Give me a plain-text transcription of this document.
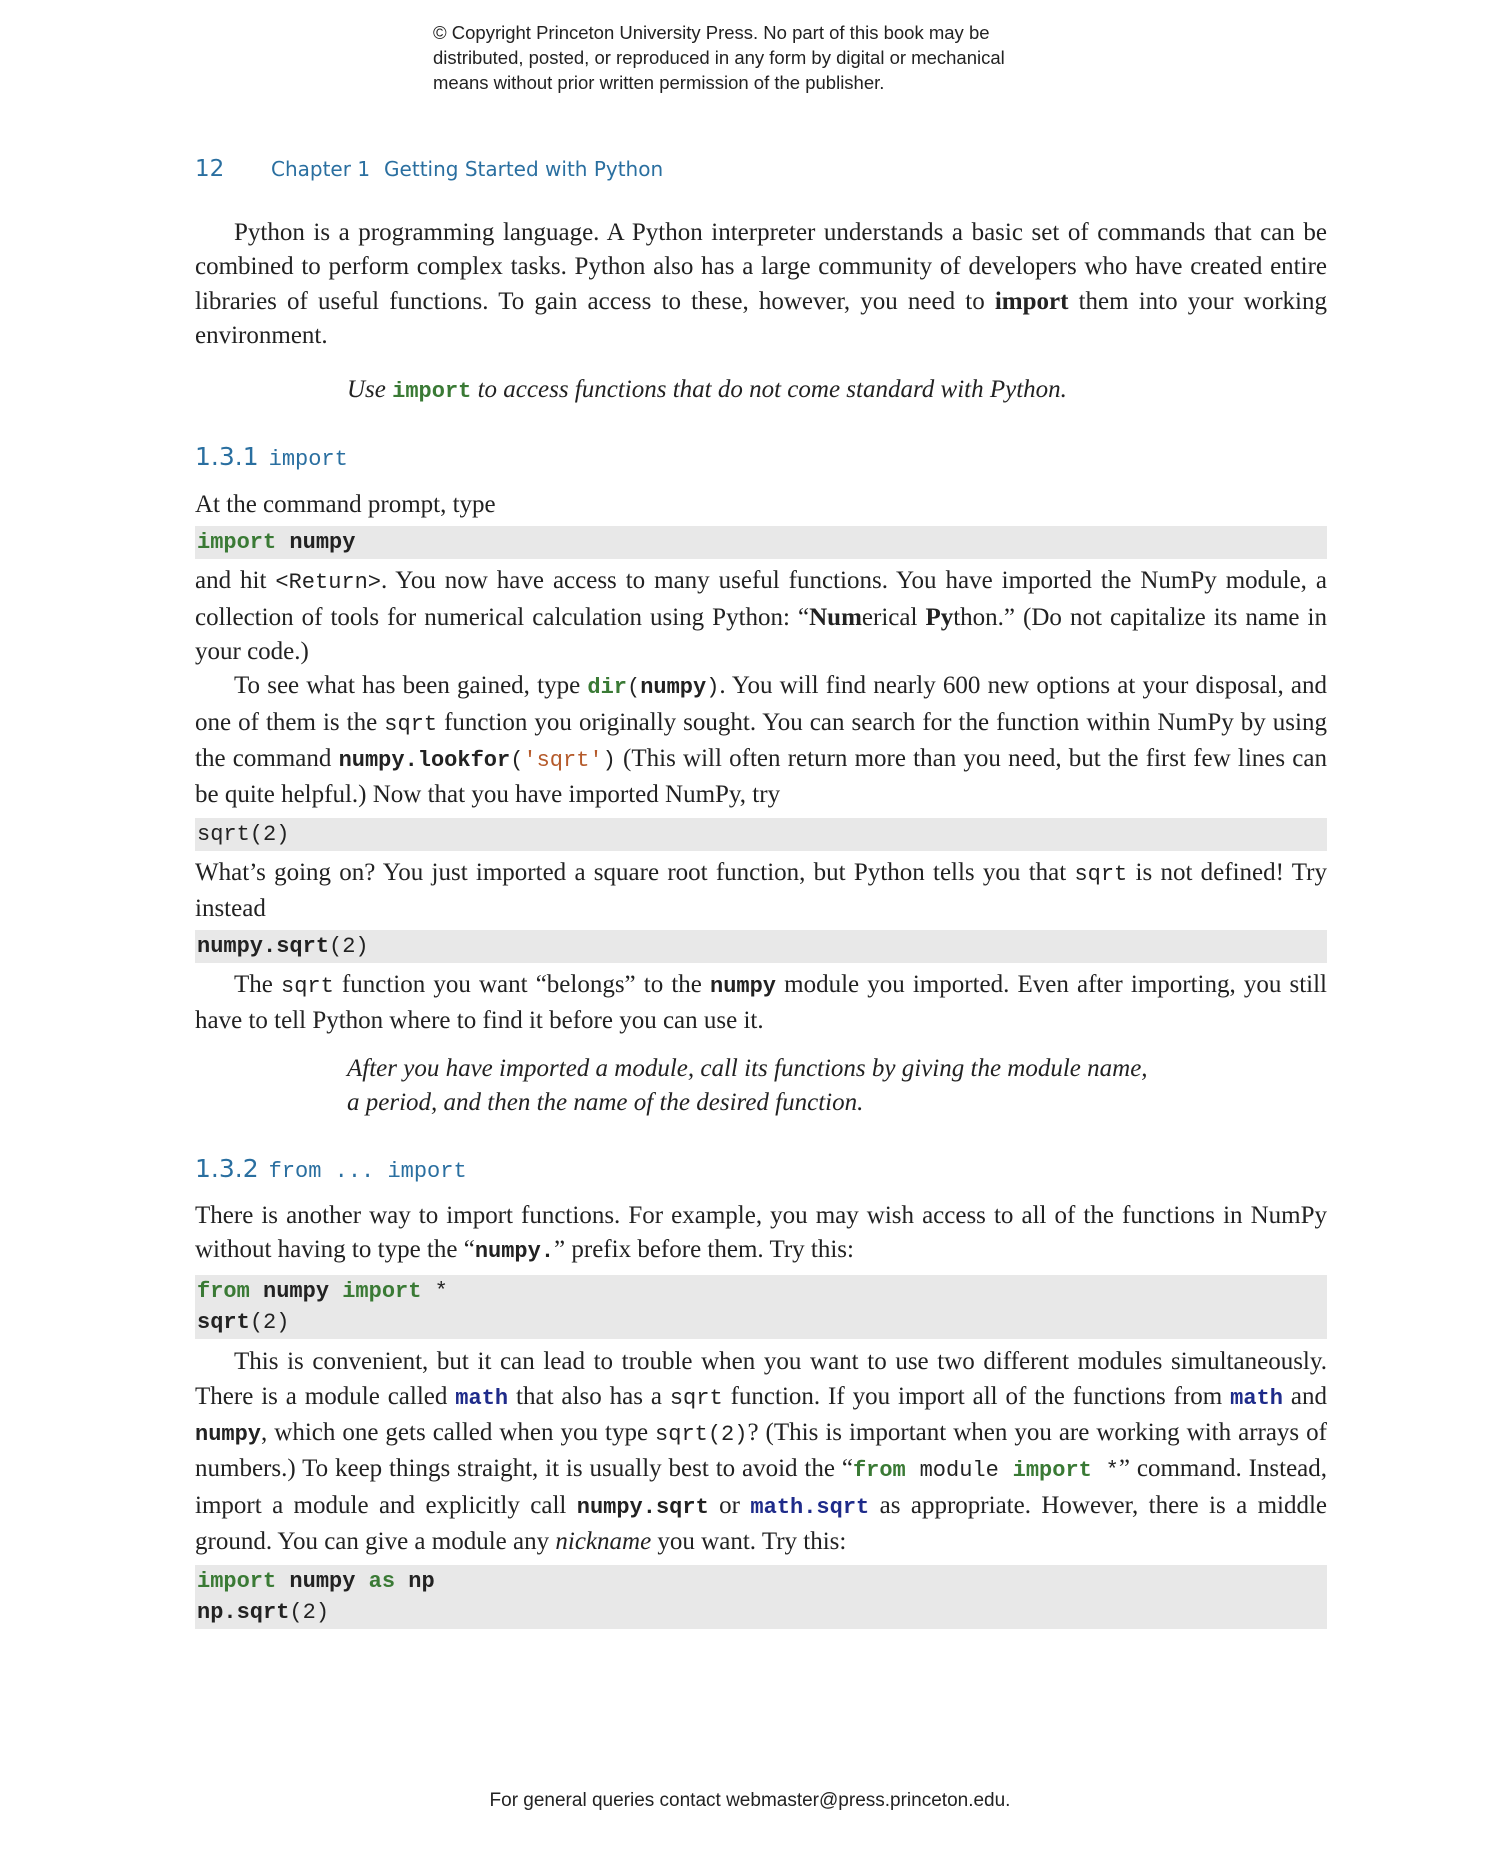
© Copyright Princeton University Press. No part of this book may be
distributed, posted, or reproduced in any form by digital or mechanical
means without prior written permission of the publisher.
12 Chapter 1 Getting Started with Python

Python is a programming language. A Python interpreter understands a basic set of commands that can be combined to perform complex tasks. Python also has a large community of developers who have created entire libraries of useful functions. To gain access to these, however, you need to import them into your working environment.

Use import to access functions that do not come standard with Python.
1.3.1 import

At the command prompt, type

import numpy

and hit <Return>. You now have access to many useful functions. You have imported the NumPy module, a collection of tools for numerical calculation using Python: “Numerical Python.” (Do not capitalize its name in your code.)

To see what has been gained, type dir(numpy). You will find nearly 600 new options at your disposal, and one of them is the sqrt function you originally sought. You can search for the function within NumPy by using the command numpy.lookfor('sqrt') (This will often return more than you need, but the first few lines can be quite helpful.) Now that you have imported NumPy, try

sqrt(2)

What’s going on? You just imported a square root function, but Python tells you that sqrt is not defined! Try instead

numpy.sqrt(2)

The sqrt function you want “belongs” to the numpy module you imported. Even after importing, you still have to tell Python where to find it before you can use it.

After you have imported a module, call its functions by giving the module name,
a period, and then the name of the desired function.
1.3.2 from ... import

There is another way to import functions. For example, you may wish access to all of the functions in NumPy without having to type the “numpy.” prefix before them. Try this:

from numpy import *
sqrt(2)

This is convenient, but it can lead to trouble when you want to use two different modules simultaneously. There is a module called math that also has a sqrt function. If you import all of the functions from math and numpy, which one gets called when you type sqrt(2)? (This is important when you are working with arrays of numbers.) To keep things straight, it is usually best to avoid the “from module import *” command. Instead, import a module and explicitly call numpy.sqrt or math.sqrt as appropriate. However, there is a middle ground. You can give a module any nickname you want. Try this:

import numpy as np
np.sqrt(2)
For general queries contact webmaster@press.princeton.edu.
